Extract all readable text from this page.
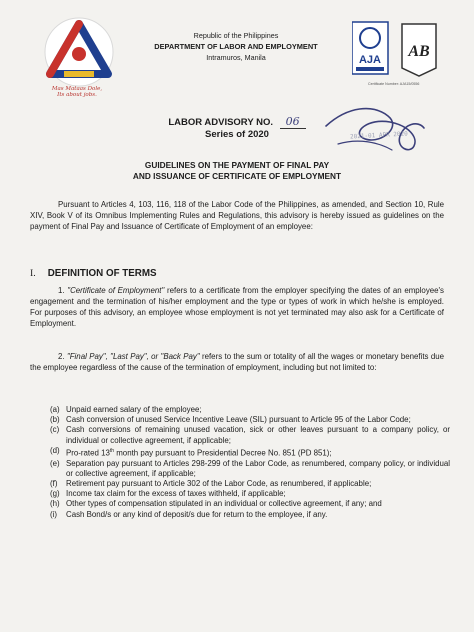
Mas Mataas Dole,
Its about jobs.
Republic of the Philippines
DEPARTMENT OF LABOR AND EMPLOYMENT
Intramuros, Manila	AJA AB
Certificate Number: AJA15/0556
2021-01 APR 2020
LABOR ADVISORY NO. 06
Series of 2020
GUIDELINES ON THE PAYMENT OF FINAL PAY
AND ISSUANCE OF CERTIFICATE OF EMPLOYMENT

Pursuant to Articles 4, 103, 116, 118 of the Labor Code of the Philippines, as amended, and Section 10, Rule XIV, Book V of its Omnibus Implementing Rules and Regulations, this advisory is hereby issued as guidelines on the payment of Final Pay and Issuance of Certificate of Employment of an employee:

I. DEFINITION OF TERMS

1. "Certificate of Employment" refers to a certificate from the employer specifying the dates of an employee's engagement and the termination of his/her employment and the type or types of work in which he/she is employed. For purposes of this advisory, an employee whose employment is not yet terminated may also ask for a Certificate of Employment.

2. "Final Pay", "Last Pay", or "Back Pay" refers to the sum or totality of all the wages or monetary benefits due the employee regardless of the cause of the termination of employment, including but not limited to:

(a) Unpaid earned salary of the employee;
(b) Cash conversion of unused Service Incentive Leave (SIL) pursuant to Article 95 of the Labor Code;
(c) Cash conversions of remaining unused vacation, sick or other leaves pursuant to a company policy, or individual or collective agreement, if applicable;
(d) Pro-rated 13th month pay pursuant to Presidential Decree No. 851 (PD 851);
(e) Separation pay pursuant to Articles 298-299 of the Labor Code, as renumbered, company policy, or individual or collective agreement, if applicable;
(f)	Retirement pay pursuant to Article 302 of the Labor Code, as renumbered, if applicable;
(g) Income tax claim for the excess of taxes withheld, if applicable;
(h) Other types of compensation stipulated in an individual or collective agreement, if any; and
(i)	Cash Bond/s or any kind of deposit/s due for return to the employee, if any.
